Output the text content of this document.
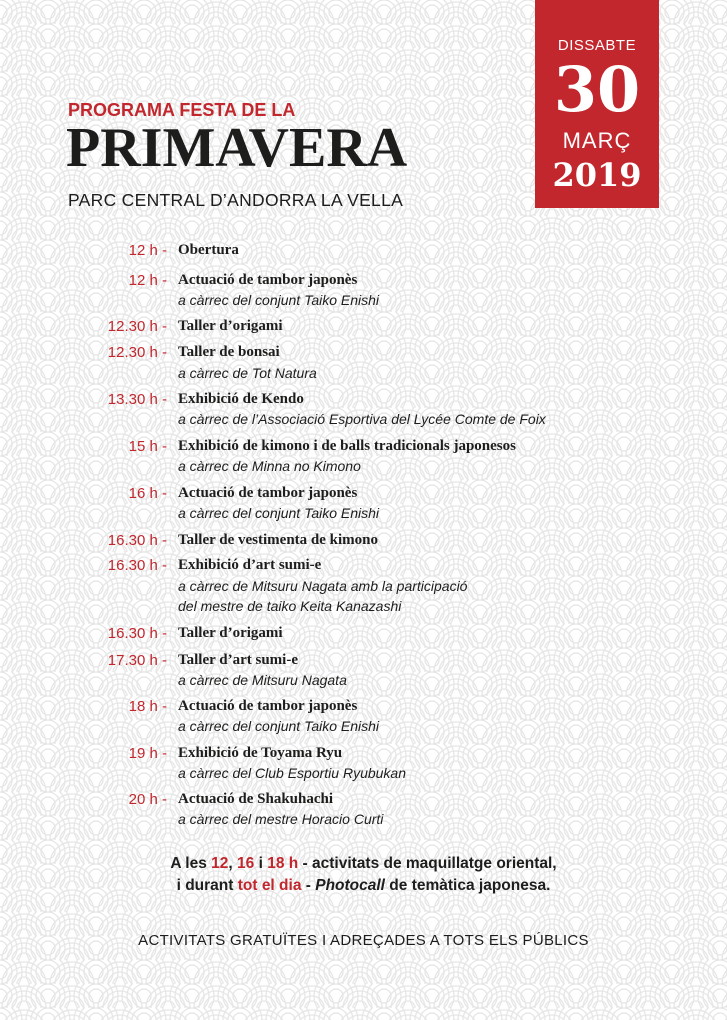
DISSABTE
30
MARÇ
2019
PROGRAMA FESTA DE LA
PRIMAVERA
PARC CENTRAL D’ANDORRA LA VELLA
12 h - Obertura
12 h - Actuació de tambor japonès
a càrrec del conjunt Taiko Enishi
12.30 h - Taller d’origami
12.30 h - Taller de bonsai
a càrrec de Tot Natura
13.30 h - Exhibició de Kendo
a càrrec de l’Associació Esportiva del Lycée Comte de Foix
15 h - Exhibició de kimono i de balls tradicionals japonesos
a càrrec de Minna no Kimono
16 h - Actuació de tambor japonès
a càrrec del conjunt Taiko Enishi
16.30 h - Taller de vestimenta de kimono
16.30 h - Exhibició d’art sumi-e
a càrrec de Mitsuru Nagata amb la participació
del mestre de taiko Keita Kanazashi
16.30 h - Taller d’origami
17.30 h - Taller d’art sumi-e
a càrrec de Mitsuru Nagata
18 h - Actuació de tambor japonès
a càrrec del conjunt Taiko Enishi
19 h - Exhibició de Toyama Ryu
a càrrec del Club Esportiu Ryubukan
20 h - Actuació de Shakuhachi
a càrrec del mestre Horacio Curti
A les 12, 16 i 18 h - activitats de maquillatge oriental,
i durant tot el dia - Photocall de temàtica japonesa.
ACTIVITATS GRATUÏTES I ADREÇADES A TOTS ELS PÚBLICS
